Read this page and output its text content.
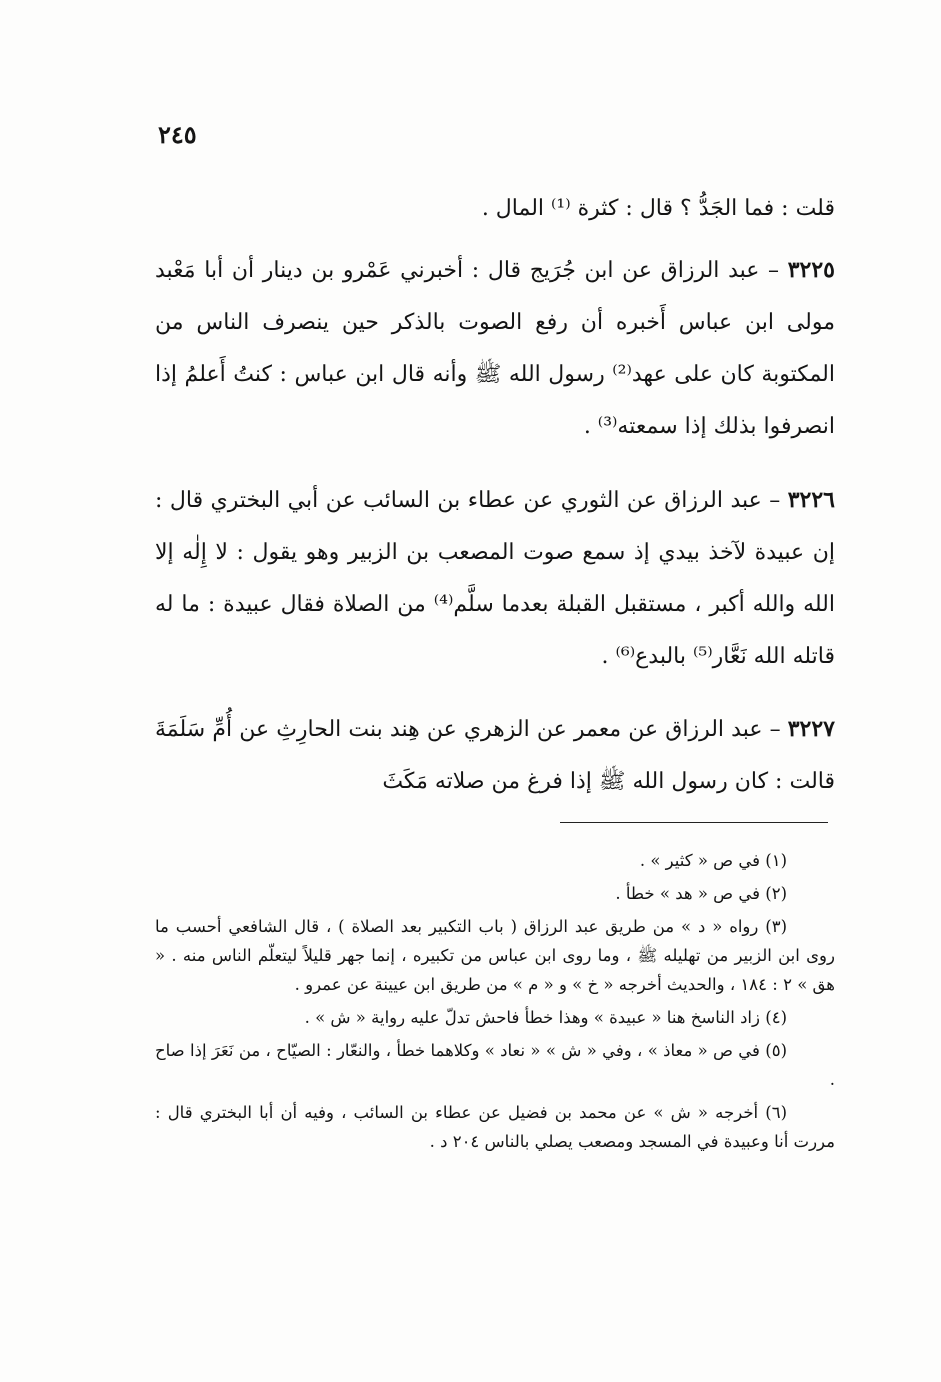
٢٤٥

قلت : فما الجَدُّ ؟ قال : كثرة ⁽¹⁾ المال .

٣٢٢٥ – عبد الرزاق عن ابن جُرَيج قال : أخبرني عَمْرو بن دينار أن أبا مَعْبد مولى ابن عباس أَخبره أن رفع الصوت بالذكر حين ينصرف الناس من المكتوبة كان على عهد⁽²⁾ رسول الله ﷺ وأنه قال ابن عباس : كنتُ أَعلمُ إذا انصرفوا بذلك إذا سمعته⁽³⁾ .

٣٢٢٦ – عبد الرزاق عن الثوري عن عطاء بن السائب عن أبي البختري قال : إن عبيدة لآخذ بيدي إذ سمع صوت المصعب بن الزبير وهو يقول : لا إِلٰه إلا الله والله أكبر ، مستقبل القبلة بعدما سلَّم⁽⁴⁾ من الصلاة فقال عبيدة : ما له قاتله الله نَعَّار⁽⁵⁾ بالبدع⁽⁶⁾ .

٣٢٢٧ – عبد الرزاق عن معمر عن الزهري عن هِند بنت الحارِثِ عن أُمِّ سَلَمَةَ قالت : كان رسول الله ﷺ إذا فرغ من صلاته مَكَثَ

(١) في ص « كثير » .

(٢) في ص « هد » خطأ .

(٣) رواه « د » من طريق عبد الرزاق ( باب التكبير بعد الصلاة ) ، قال الشافعي أحسب ما روى ابن الزبير من تهليله ﷺ ، وما روى ابن عباس من تكبيره ، إنما جهر قليلاً ليتعلّم الناس منه . « هق » ٢ : ١٨٤ ، والحديث أخرجه « خ » و « م » من طريق ابن عيينة عن عمرو .

(٤) زاد الناسخ هنا « عبيدة » وهذا خطأ فاحش تدلّ عليه رواية « ش » .

(٥) في ص « معاذ » ، وفي « ش » « نعاد » وكلاهما خطأ ، والنعّار : الصيّاح ، من نَعَرَ إذا صاح .

(٦) أخرجه « ش » عن محمد بن فضيل عن عطاء بن السائب ، وفيه أن أبا البختري قال : مررت أنا وعبيدة في المسجد ومصعب يصلي بالناس ٢٠٤ د .
